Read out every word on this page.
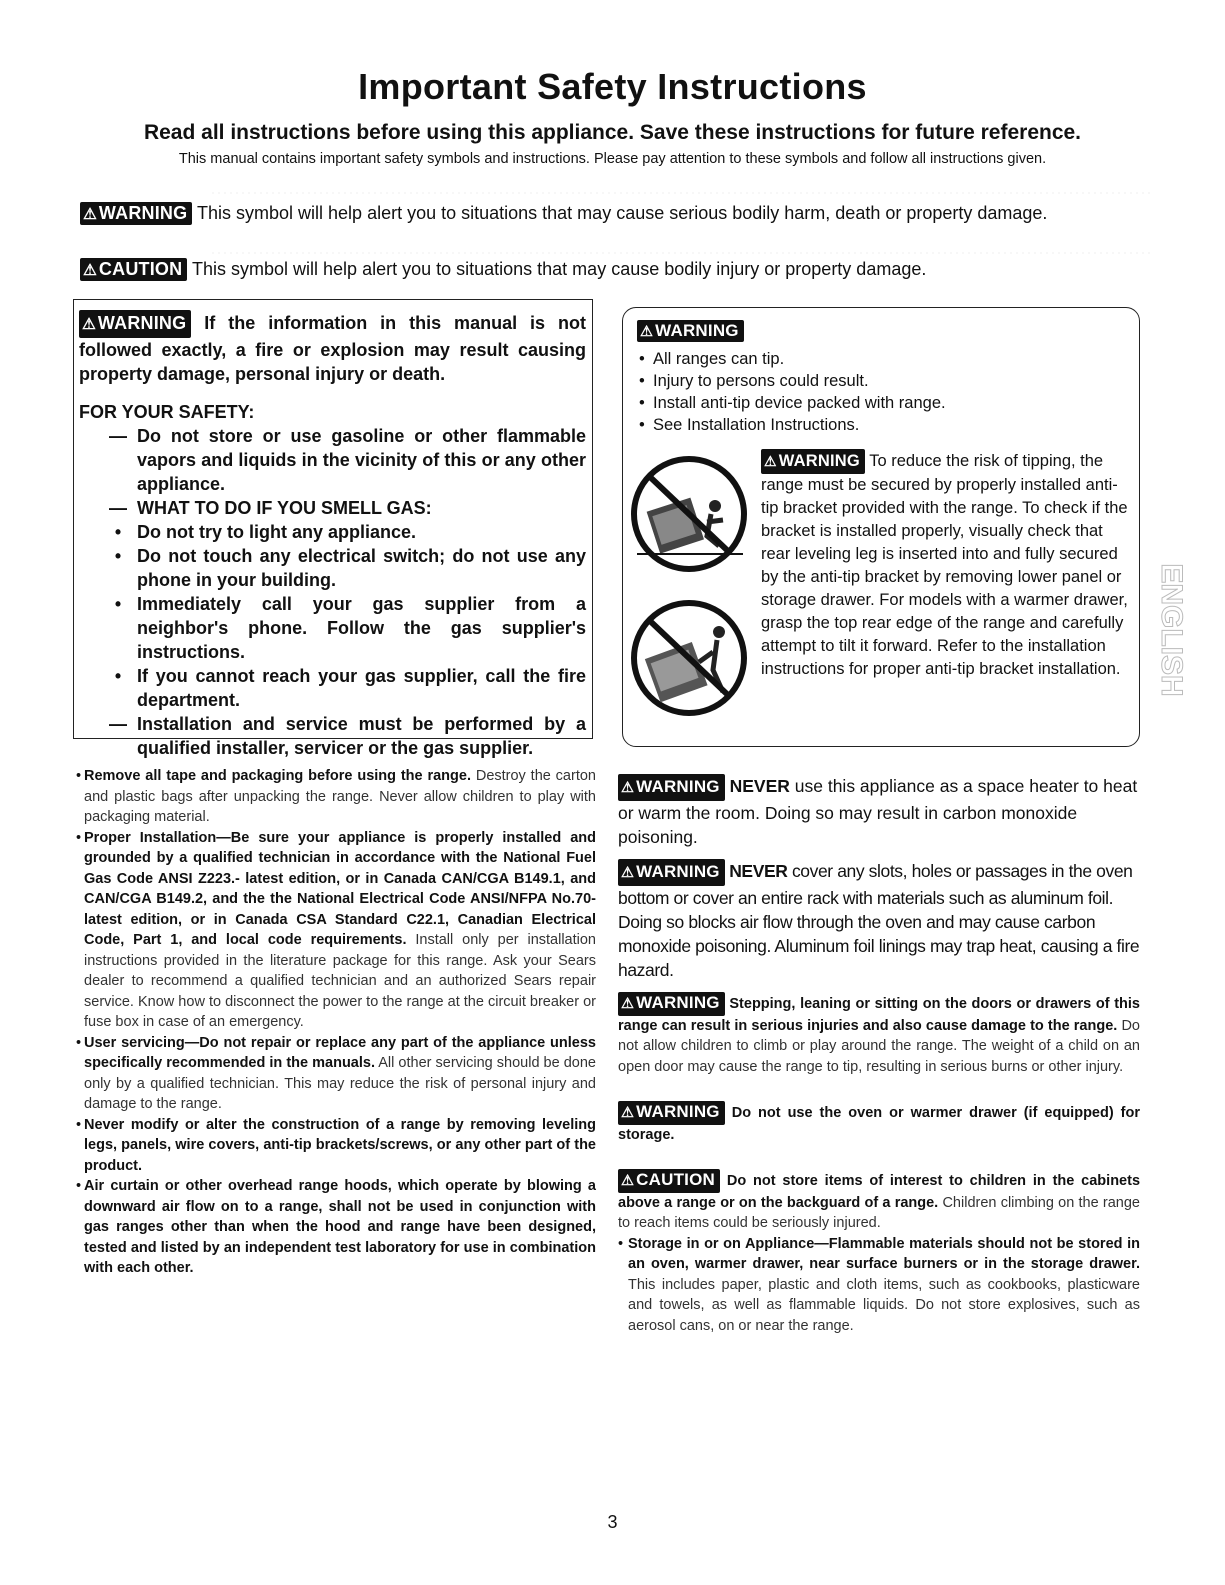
Important Safety Instructions
Read all instructions before using this appliance. Save these instructions for future reference.
This manual contains important safety symbols and instructions. Please pay attention to these symbols and follow all instructions given.
⚠ WARNING This symbol will help alert you to situations that may cause serious bodily harm, death or property damage.
⚠ CAUTION This symbol will help alert you to situations that may cause bodily injury or property damage.
⚠ WARNING If the information in this manual is not followed exactly, a fire or explosion may result causing property damage, personal injury or death.
FOR YOUR SAFETY:
— Do not store or use gasoline or other flammable vapors and liquids in the vicinity of this or any other appliance.
— WHAT TO DO IF YOU SMELL GAS:
• Do not try to light any appliance.
• Do not touch any electrical switch; do not use any phone in your building.
• Immediately call your gas supplier from a neighbor's phone. Follow the gas supplier's instructions.
• If you cannot reach your gas supplier, call the fire department.
— Installation and service must be performed by a qualified installer, servicer or the gas supplier.
⚠ WARNING
• All ranges can tip.
• Injury to persons could result.
• Install anti-tip device packed with range.
• See Installation Instructions.
⚠ WARNING To reduce the risk of tipping, the range must be secured by properly installed anti-tip bracket provided with the range. To check if the bracket is installed properly, visually check that rear leveling leg is inserted into and fully secured by the anti-tip bracket by removing lower panel or storage drawer. For models with a warmer drawer, grasp the top rear edge of the range and carefully attempt to tilt it forward. Refer to the installation instructions for proper anti-tip bracket installation.	ENGLISH
• Remove all tape and packaging before using the range. Destroy the carton and plastic bags after unpacking the range. Never allow children to play with packaging material.
• Proper Installation—Be sure your appliance is properly installed and grounded by a qualified technician in accordance with the National Fuel Gas Code ANSI Z223.- latest edition, or in Canada CAN/CGA B149.1, and CAN/CGA B149.2, and the the National Electrical Code ANSI/NFPA No.70-latest edition, or in Canada CSA Standard C22.1, Canadian Electrical Code, Part 1, and local code requirements. Install only per installation instructions provided in the literature package for this range. Ask your Sears dealer to recommend a qualified technician and an authorized Sears repair service. Know how to disconnect the power to the range at the circuit breaker or fuse box in case of an emergency.
• User servicing—Do not repair or replace any part of the appliance unless specifically recommended in the manuals. All other servicing should be done only by a qualified technician. This may reduce the risk of personal injury and damage to the range.
• Never modify or alter the construction of a range by removing leveling legs, panels, wire covers, anti-tip brackets/screws, or any other part of the product.
• Air curtain or other overhead range hoods, which operate by blowing a downward air flow on to a range, shall not be used in conjunction with gas ranges other than when the hood and range have been designed, tested and listed by an independent test laboratory for use in combination with each other.
⚠ WARNING NEVER use this appliance as a space heater to heat or warm the room. Doing so may result in carbon monoxide poisoning.
⚠ WARNING NEVER cover any slots, holes or passages in the oven bottom or cover an entire rack with materials such as aluminum foil. Doing so blocks air flow through the oven and may cause carbon monoxide poisoning. Aluminum foil linings may trap heat, causing a fire hazard.
⚠ WARNING Stepping, leaning or sitting on the doors or drawers of this range can result in serious injuries and also cause damage to the range. Do not allow children to climb or play around the range. The weight of a child on an open door may cause the range to tip, resulting in serious burns or other injury.
⚠ WARNING Do not use the oven or warmer drawer (if equipped) for storage.
⚠ CAUTION Do not store items of interest to children in the cabinets above a range or on the backguard of a range. Children climbing on the range to reach items could be seriously injured.
• Storage in or on Appliance—Flammable materials should not be stored in an oven, warmer drawer, near surface burners or in the storage drawer. This includes paper, plastic and cloth items, such as cookbooks, plasticware and towels, as well as flammable liquids. Do not store explosives, such as aerosol cans, on or near the range.
3
